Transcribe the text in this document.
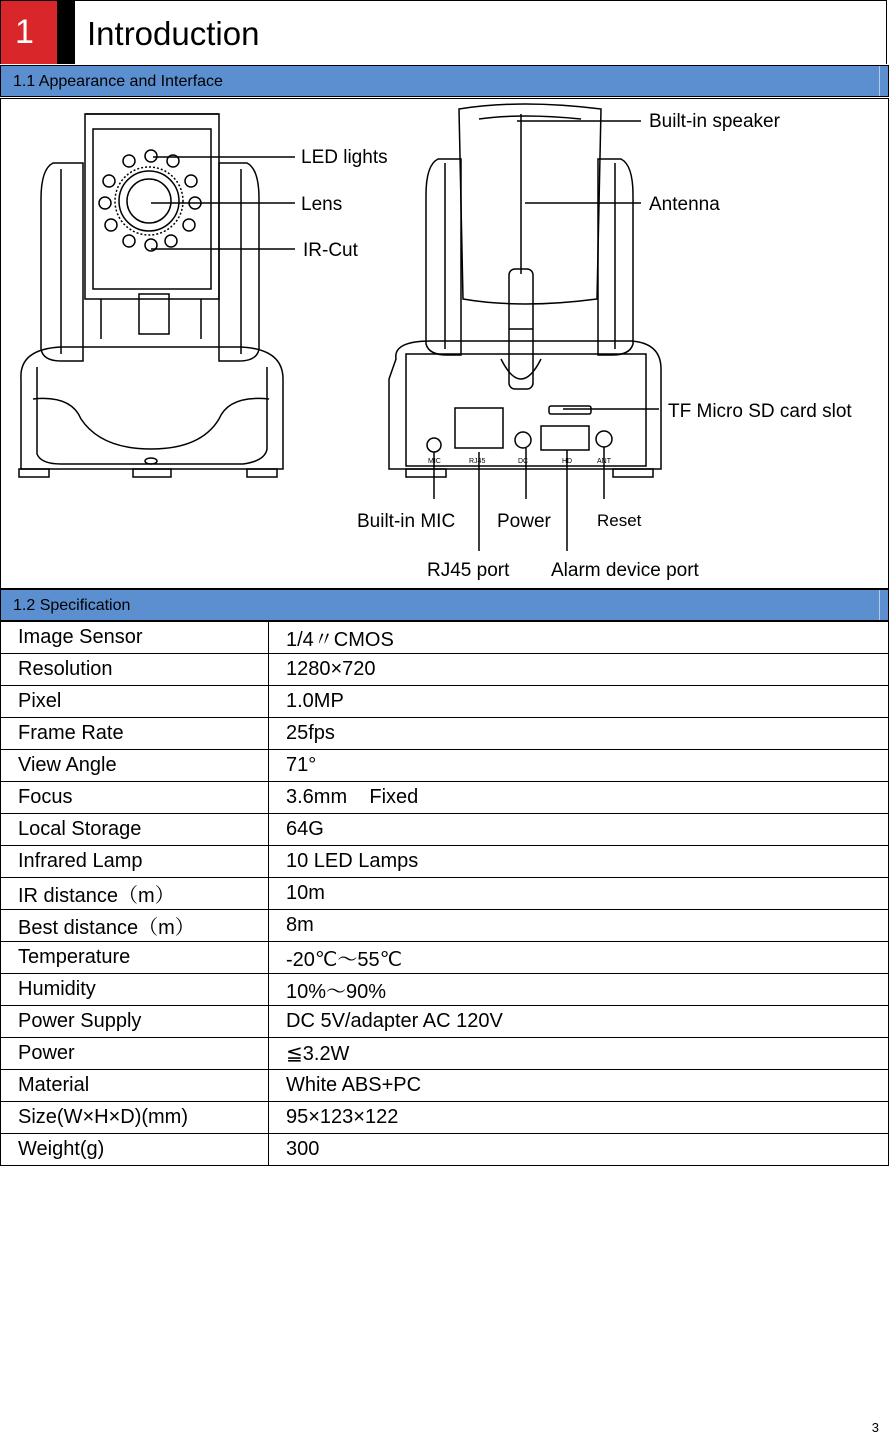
1	Introduction
1.1 Appearance and Interface
MIC	RJ45	DC	HD	ANT
LED lights
Lens
IR-Cut
Built-in speaker
Antenna
TF Micro SD card slot
Built-in MIC Power	Reset
RJ45 port Alarm device port
1.2 Specification
Image Sensor	1/4〃CMOS
Resolution	1280×720
Pixel	1.0MP
Frame Rate	25fps
View Angle	71°
Focus	3.6mm    Fixed
Local Storage	64G
Infrared Lamp	10 LED Lamps
IR distance（m）	10m
Best distance（m）	8m
Temperature	-20℃～55℃
Humidity	10%～90%
Power Supply	DC 5V/adapter AC 120V
Power	≦3.2W
Material	White ABS+PC
Size(W×H×D)(mm)	95×123×122
Weight(g)	300
3
